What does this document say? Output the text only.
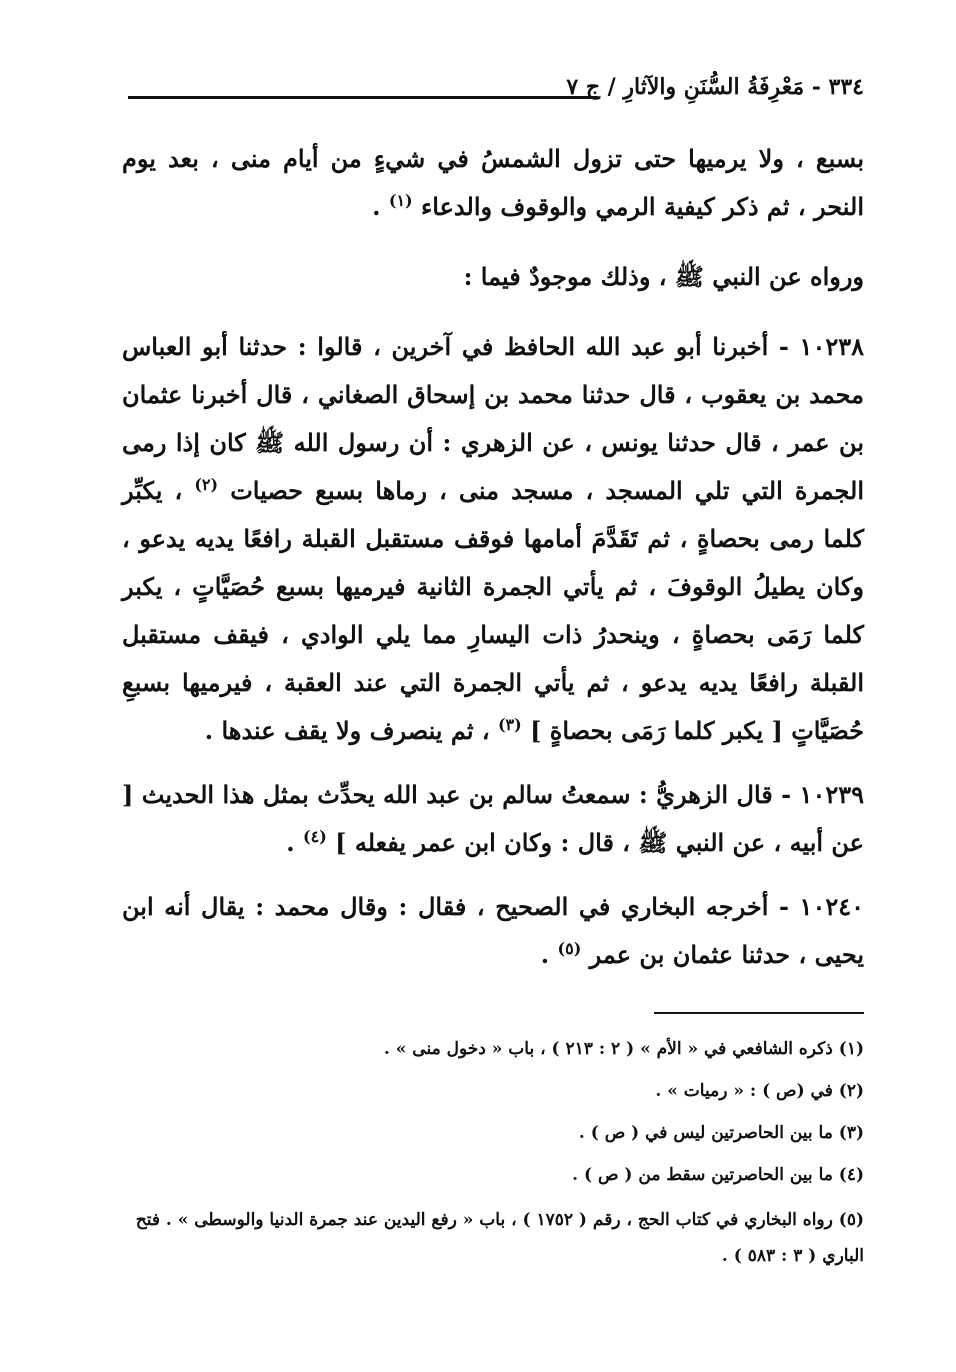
٣٣٤ - مَعْرِفَةُ السُّنَنِ والآثارِ / ج ٧

بسبع ، ولا يرميها حتى تزول الشمسُ في شيءٍ من أيام منى ، بعد يوم النحر ، ثم ذكر كيفية الرمي والوقوف والدعاء $^{(١)}$ .

ورواه عن النبي ﷺ ، وذلك موجودٌ فيما :

١٠٢٣٨ - أخبرنا أبو عبد الله الحافظ في آخرين ، قالوا : حدثنا أبو العباس محمد بن يعقوب ، قال حدثنا محمد بن إسحاق الصغاني ، قال أخبرنا عثمان بن عمر ، قال حدثنا يونس ، عن الزهري : أن رسول الله ﷺ كان إذا رمى الجمرة التي تلي المسجد ، مسجد منى ، رماها بسبع حصيات $^{(٢)}$ ، يكبِّر كلما رمى بحصاةٍ ، ثم تَقَدَّمَ أمامها فوقف مستقبل القبلة رافعًا يديه يدعو ، وكان يطيلُ الوقوفَ ، ثم يأتي الجمرة الثانية فيرميها بسبع حُصَيَّاتٍ ، يكبر كلما رَمَى بحصاةٍ ، وينحدرُ ذات اليسارِ مما يلي الوادي ، فيقف مستقبل القبلة رافعًا يديه يدعو ، ثم يأتي الجمرة التي عند العقبة ، فيرميها بسبعِ حُصَيَّاتٍ [ يكبر كلما رَمَى بحصاةٍ ] $^{(٣)}$ ، ثم ينصرف ولا يقف عندها .

١٠٢٣٩ - قال الزهريُّ : سمعتُ سالم بن عبد الله يحدِّث بمثل هذا الحديث [ عن أبيه ، عن النبي ﷺ ، قال : وكان ابن عمر يفعله ] $^{(٤)}$ .

١٠٢٤٠ - أخرجه البخاري في الصحيح ، فقال : وقال محمد : يقال أنه ابن يحيى ، حدثنا عثمان بن عمر $^{(٥)}$ .

(١) ذكره الشافعي في « الأم » ( ٢ : ٢١٣ ) ، باب « دخول منى » .

(٢) في (ص ) : « رميات » .

(٣) ما بين الحاصرتين ليس في ( ص ) .

(٤) ما بين الحاصرتين سقط من ( ص ) .

(٥) رواه البخاري في كتاب الحج ، رقم ( ١٧٥٢ ) ، باب « رفع اليدين عند جمرة الدنيا والوسطى » . فتح الباري ( ٣ : ٥٨٣ ) .
